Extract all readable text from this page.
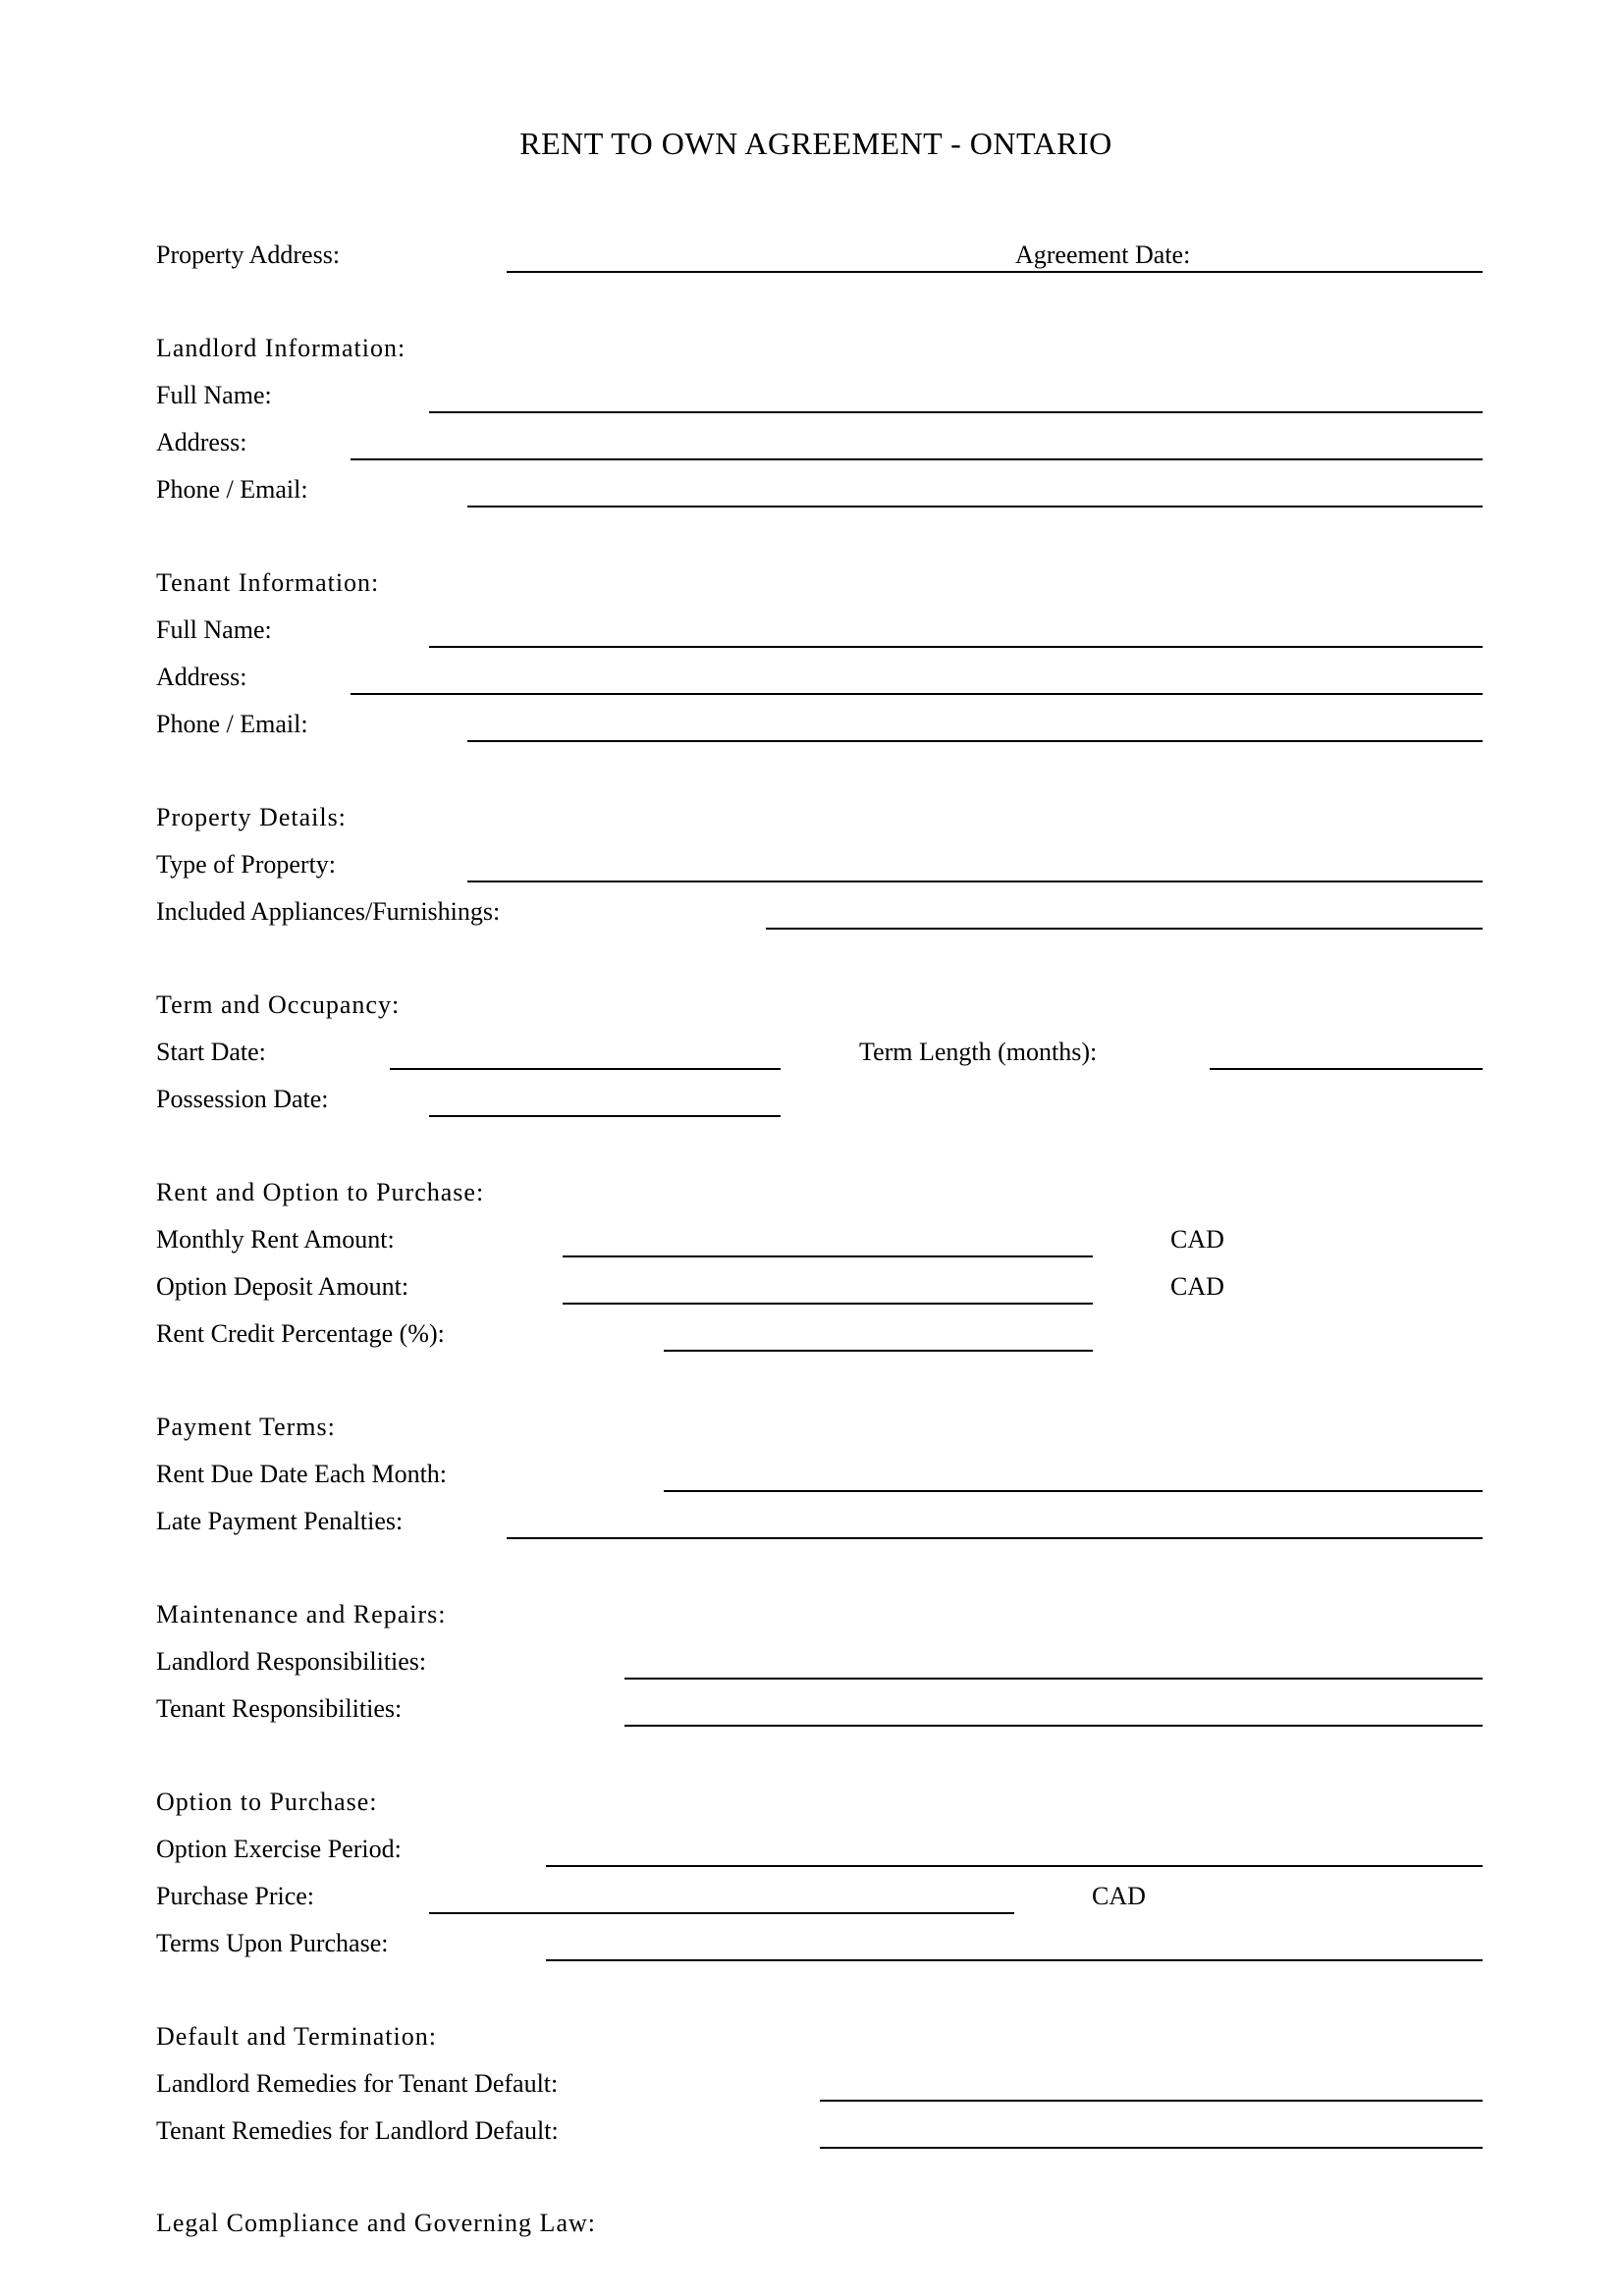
RENT TO OWN AGREEMENT - ONTARIO
Property Address:	Agreement Date:
Landlord Information:
Full Name:
Address:
Phone / Email:
Tenant Information:
Full Name:
Address:
Phone / Email:
Property Details:
Type of Property:
Included Appliances/Furnishings:
Term and Occupancy:
Start Date:	Term Length (months):
Possession Date:
Rent and Option to Purchase:
Monthly Rent Amount:	CAD
Option Deposit Amount:	CAD
Rent Credit Percentage (%):
Payment Terms:
Rent Due Date Each Month:
Late Payment Penalties:
Maintenance and Repairs:
Landlord Responsibilities:
Tenant Responsibilities:
Option to Purchase:
Option Exercise Period:
Purchase Price:	CAD
Terms Upon Purchase:
Default and Termination:
Landlord Remedies for Tenant Default:
Tenant Remedies for Landlord Default:
Legal Compliance and Governing Law:
